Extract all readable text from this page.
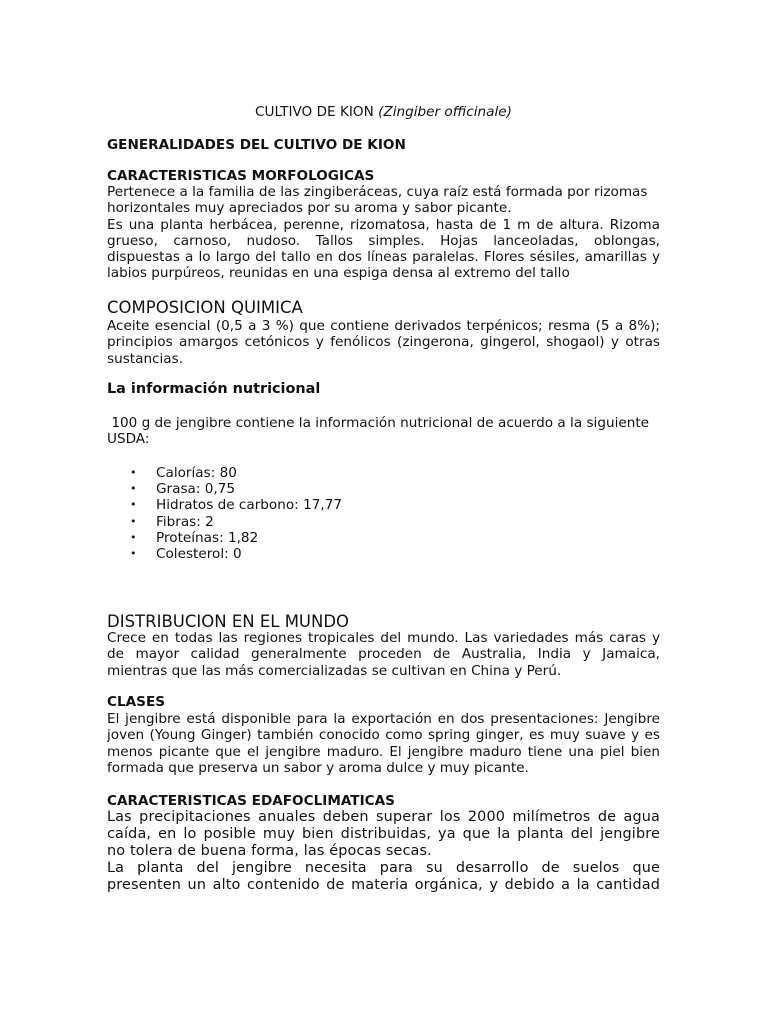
CULTIVO DE KION (Zingiber officinale)
GENERALIDADES DEL CULTIVO DE KION
CARACTERISTICAS MORFOLOGICAS
Pertenece a la familia de las zingiberáceas, cuya raíz está formada por rizomas
horizontales muy apreciados por su aroma y sabor picante.
Es una planta herbácea, perenne, rizomatosa, hasta de 1 m de altura. Rizoma
grueso, carnoso, nudoso. Tallos simples. Hojas lanceoladas, oblongas,
dispuestas a lo largo del tallo en dos líneas paralelas. Flores sésiles, amarillas y
labios purpúreos, reunidas en una espiga densa al extremo del tallo
COMPOSICION QUIMICA
Aceite esencial (0,5 a 3 %) que contiene derivados terpénicos; resma (5 a 8%);
principios amargos cetónicos y fenólicos (zingerona, gingerol, shogaol) y otras
sustancias.
La información nutricional
100 g de jengibre contiene la información nutricional de acuerdo a la siguiente
USDA:
• Calorías: 80
• Grasa: 0,75
• Hidratos de carbono: 17,77
• Fibras: 2
• Proteínas: 1,82
• Colesterol: 0
DISTRIBUCION EN EL MUNDO
Crece en todas las regiones tropicales del mundo. Las variedades más caras y
de mayor calidad generalmente proceden de Australia, India y Jamaica,
mientras que las más comercializadas se cultivan en China y Perú.
CLASES
El jengibre está disponible para la exportación en dos presentaciones: Jengibre
joven (Young Ginger) también conocido como spring ginger, es muy suave y es
menos picante que el jengibre maduro. El jengibre maduro tiene una piel bien
formada que preserva un sabor y aroma dulce y muy picante.
CARACTERISTICAS EDAFOCLIMATICAS
Las precipitaciones anuales deben superar los 2000 milímetros de agua
caída, en lo posible muy bien distribuidas, ya que la planta del jengibre
no tolera de buena forma, las épocas secas.
La planta del jengibre necesita para su desarrollo de suelos que
presenten un alto contenido de materia orgánica, y debido a la cantidad
